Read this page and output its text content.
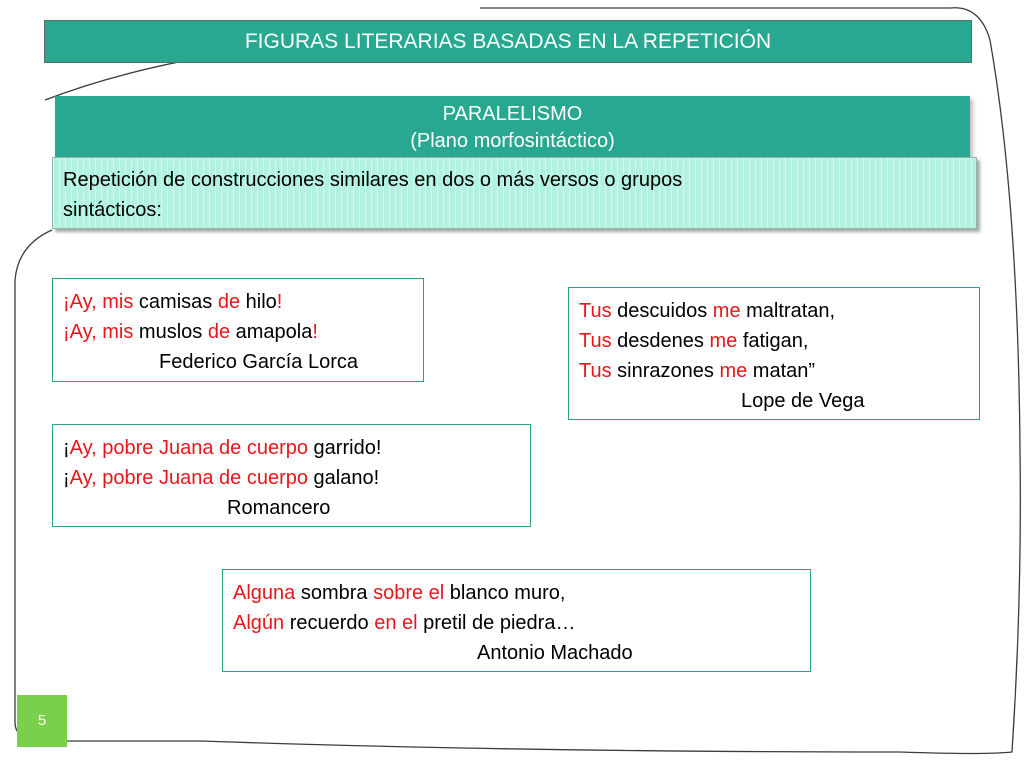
FIGURAS LITERARIAS BASADAS EN LA REPETICIÓN
PARALELISMO
(Plano morfosintáctico)
Repetición de construcciones similares en dos o más versos o grupos
sintácticos:
¡Ay, mis camisas de hilo!
¡Ay, mis muslos de amapola!
Federico García Lorca
Tus descuidos me maltratan,
Tus desdenes me fatigan,
Tus sinrazones me matan”
Lope de Vega
¡Ay, pobre Juana de cuerpo garrido!
¡Ay, pobre Juana de cuerpo galano!
Romancero
Alguna sombra sobre el blanco muro,
Algún recuerdo en el pretil de piedra…
Antonio Machado
5
